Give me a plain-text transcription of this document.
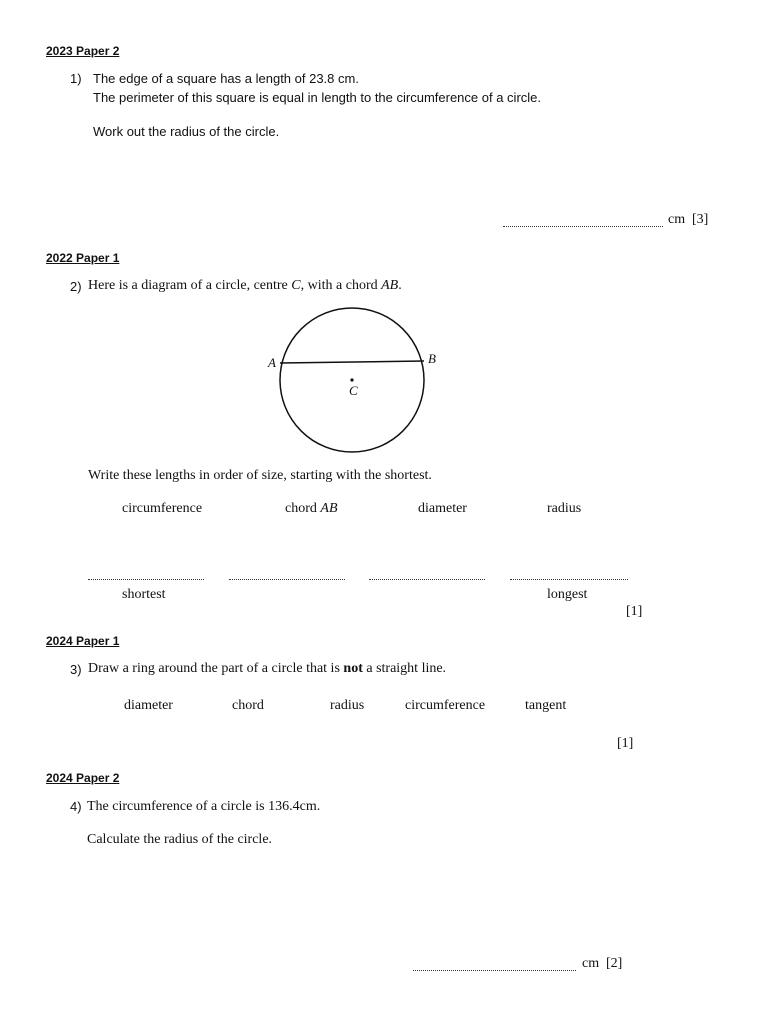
2023 Paper 2
1) The edge of a square has a length of 23.8 cm.
The perimeter of this square is equal in length to the circumference of a circle.
Work out the radius of the circle.
cm [3]
2022 Paper 1
2) Here is a diagram of a circle, centre C, with a chord AB.
A	B
C
Write these lengths in order of size, starting with the shortest.
circumference	chord AB	diameter	radius
shortest	longest
[1]
2024 Paper 1
3) Draw a ring around the part of a circle that is not a straight line.
diameter	chord	radius	circumference	tangent
[1]
2024 Paper 2
4) The circumference of a circle is 136.4cm.
Calculate the radius of the circle.
cm [2]
